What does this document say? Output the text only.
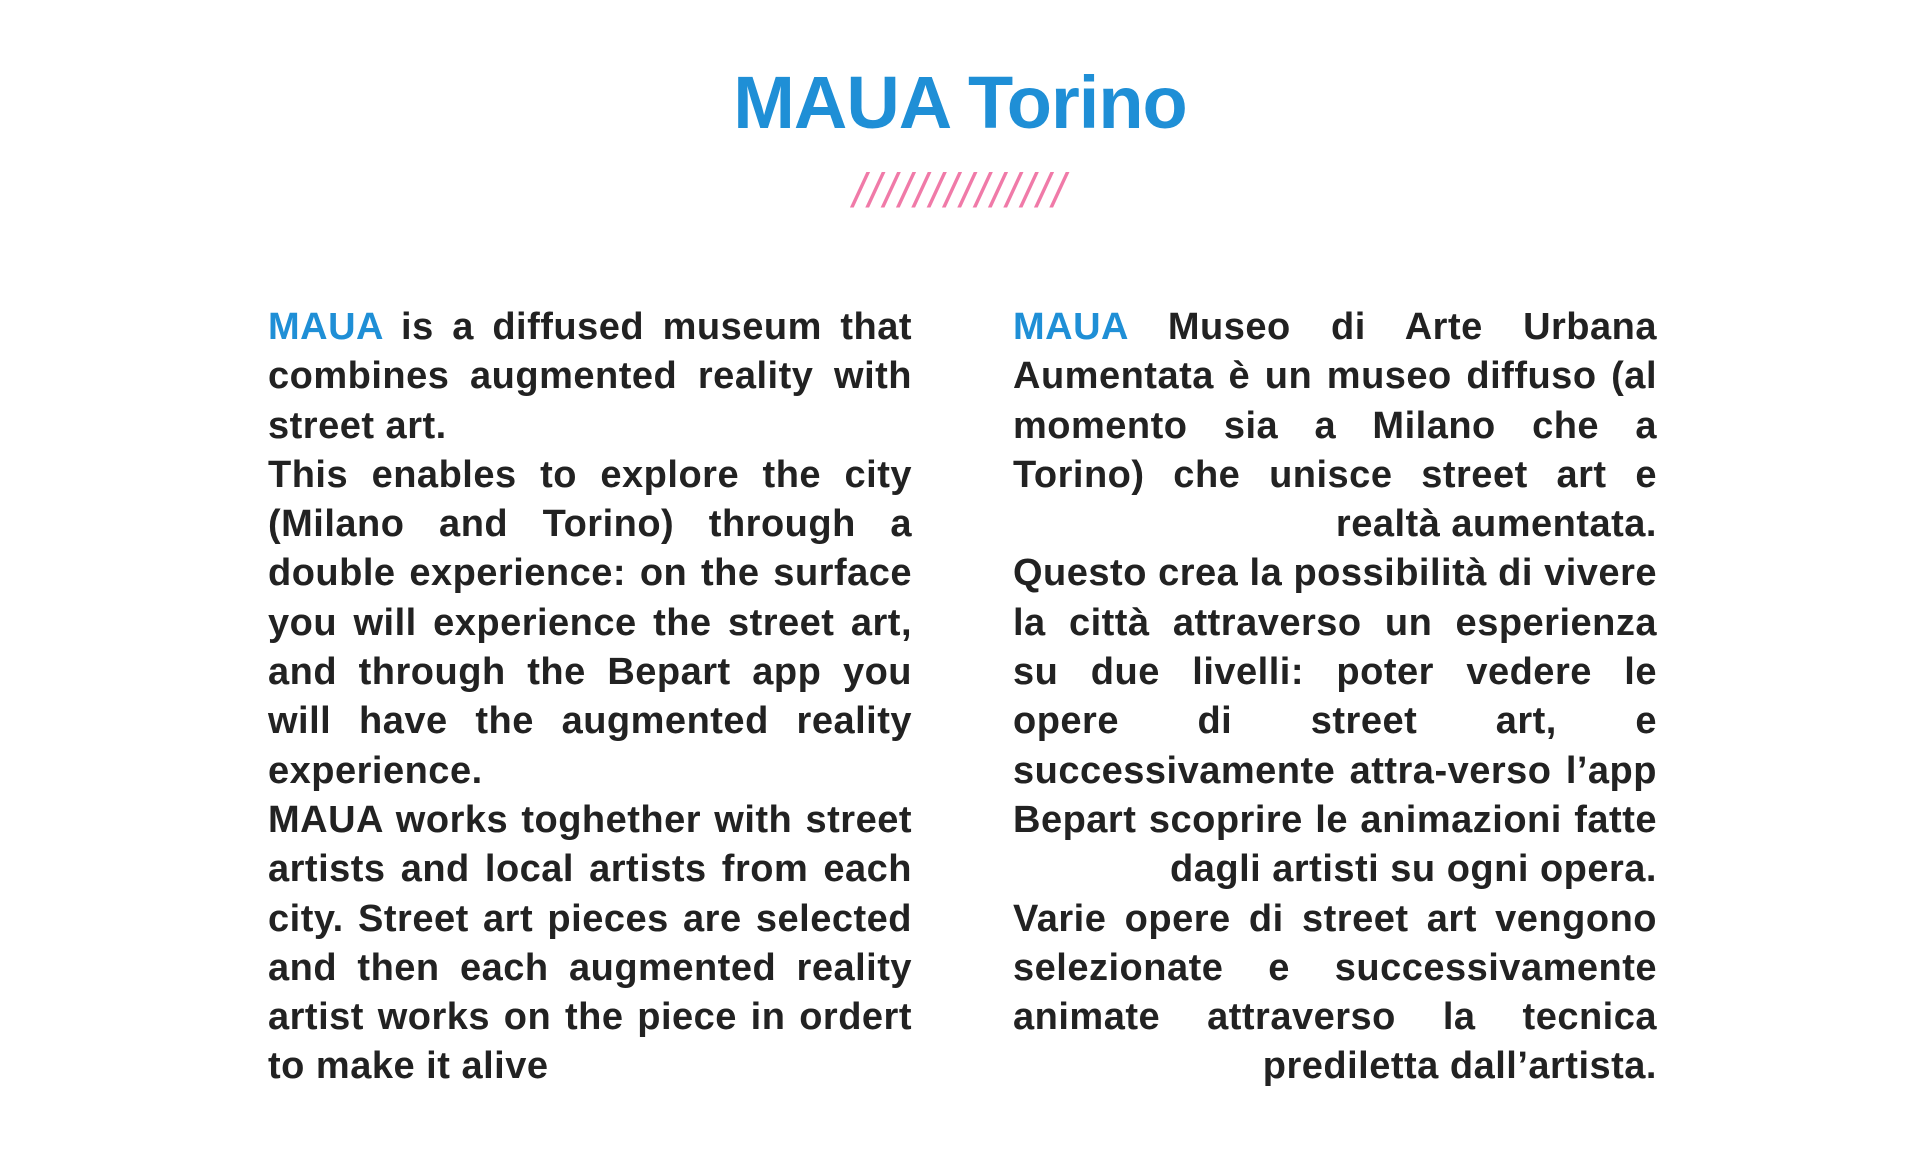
MAUA Torino
//////////////

MAUA is a diffused museum that combines augmented reality with street art.

This enables to explore the city (Milano and Torino) through a double experience: on the surface you will experience the street art, and through the Bepart app you will have the augmented reality experience.

MAUA works toghether with street artists and local artists from each city. Street art pieces are selected and then each augmented reality artist works on the piece in ordert to make it alive

MAUA Museo di Arte Urbana Aumentata è un museo diffuso (al momento sia a Milano che a Torino) che unisce street art e realtà aumentata.

Questo crea la possibilità di vivere la città attraverso un esperienza su due livelli: poter vedere le opere di street art, e successivamente attra-verso l’app Bepart scoprire le animazioni fatte dagli artisti su ogni opera.

Varie opere di street art vengono selezionate e successivamente animate attraverso la tecnica prediletta dall’artista.
